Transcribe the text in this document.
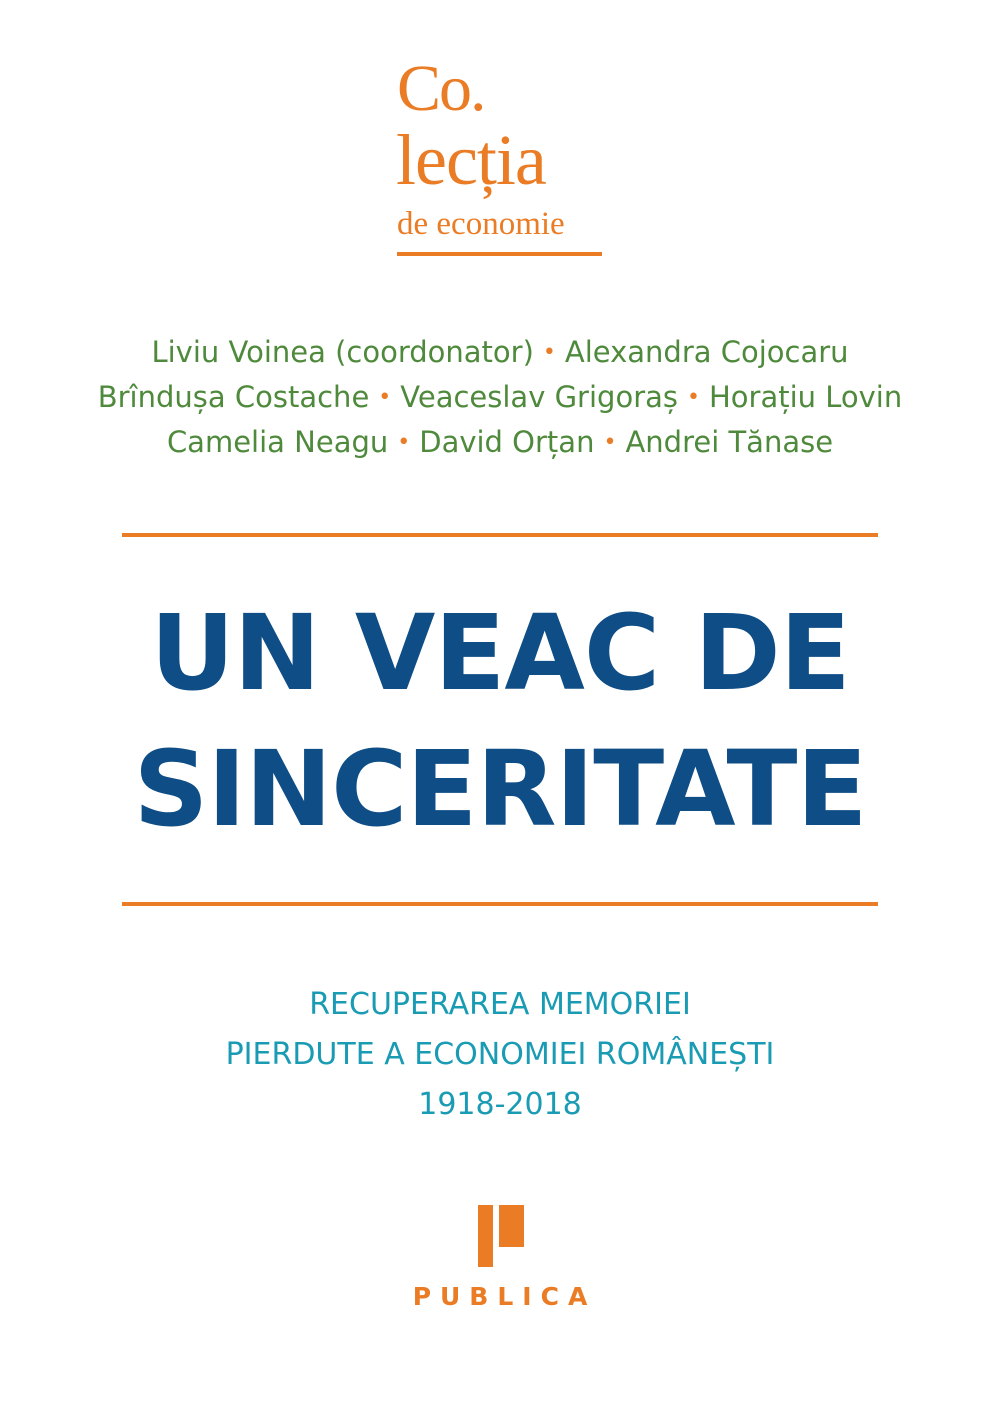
Co.
lecția
de economie
Liviu Voinea (coordonator) • Alexandra Cojocaru
Brîndușa Costache • Veaceslav Grigoraș • Horațiu Lovin
Camelia Neagu • David Orțan • Andrei Tănase
UN VEAC DE
SINCERITATE
RECUPERAREA MEMORIEI
PIERDUTE A ECONOMIEI ROMÂNEȘTI
1918-2018
PUBLICA
